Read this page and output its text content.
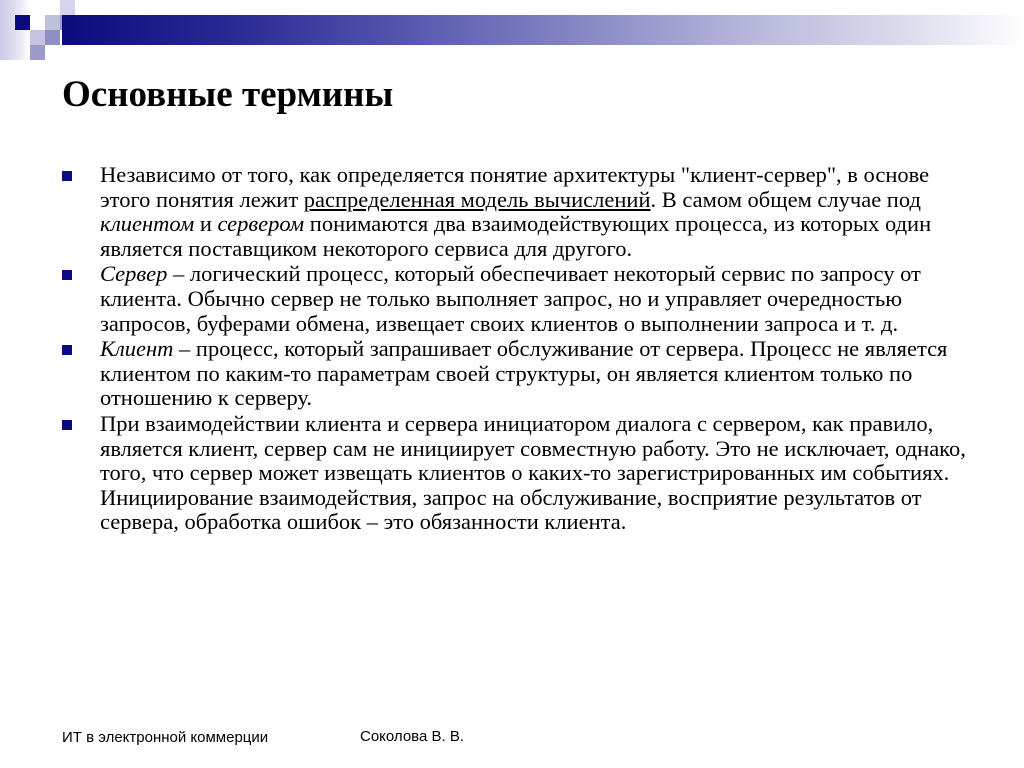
Основные термины
Независимо от того, как определяется понятие архитектуры "клиент-сервер", в основе этого понятия лежит распределенная модель вычислений. В самом общем случае под клиентом и сервером понимаются два взаимодействующих процесса, из которых один является поставщиком некоторого сервиса для другого.
Сервер – логический процесс, который обеспечивает некоторый сервис по запросу от клиента. Обычно сервер не только выполняет запрос, но и управляет очередностью запросов, буферами обмена, извещает своих клиентов о выполнении запроса и т. д.
Клиент – процесс, который запрашивает обслуживание от сервера. Процесс не является клиентом по каким-то параметрам своей структуры, он является клиентом только по отношению к серверу.
При взаимодействии клиента и сервера инициатором диалога с сервером, как правило, является клиент, сервер сам не инициирует совместную работу. Это не исключает, однако, того, что сервер может извещать клиентов о каких-то зарегистрированных им событиях. Инициирование взаимодействия, запрос на обслуживание, восприятие результатов от сервера, обработка ошибок – это обязанности клиента.
ИТ в электронной коммерции	Соколова В. В.
